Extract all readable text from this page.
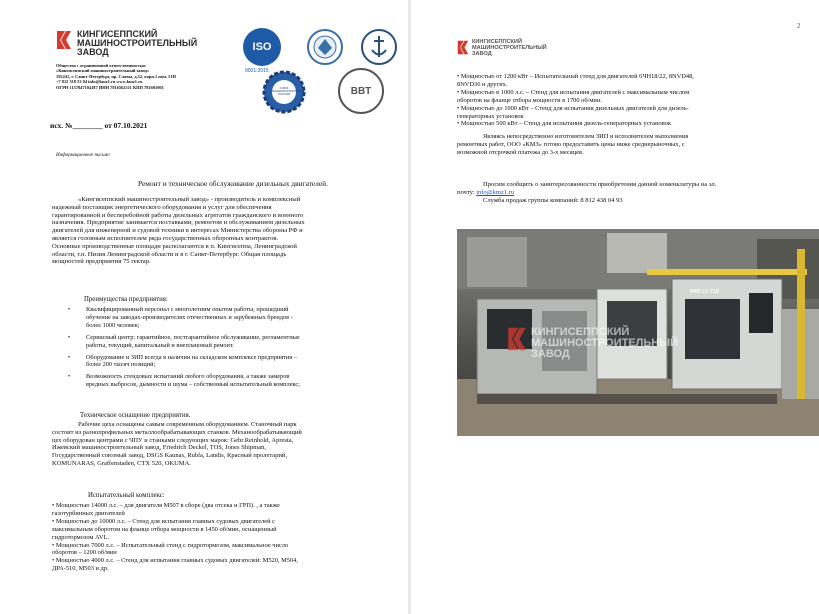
КИНГИСЕППСКИЙ
МАШИНОСТРОИТЕЛЬНЫЙ
ЗАВОД	ISO
9001:2015
СОЮЗ МАШИНОСТРОИТЕЛЕЙ РОССИИ	BBT
Общество с ограниченной ответственностью
«Кингисеппский машиностроительный завод»
192241, г. Санкт-Петербург, пр. Славы, д.52, корп.1 пом. 51Н
+7 812 318 53 04 info@kmz1.ru www.kmz1.ru
ОГРН 1137847104187 ИНН 7816562511 КПП 781601001
исх. №________ от 07.10.2021
Информационное письмо
Ремонт и техническое обслуживание дизельных двигателей.
«Кингисеппский машиностроительный завод» - производитель и комплексный
надежный поставщик энергетического оборудования и услуг для обеспечения
гарантированной и бесперебойной работы дизельных агрегатов гражданского и военного
назначения. Предприятие занимается поставками, ремонтом и обслуживанием дизельных
двигателей для инженерной и судовой техники в интересах Министерства обороны РФ и
является головным исполнителем ряда государственных оборонных контрактов.
Основные производственные площади располагаются в п. Кингисеппа, Ленинградской
области, г.п. Низия Ленинградской области и в г. Санкт-Петербург. Общая площадь
мощностей предприятия 75 гектар.
Преимущества предприятия:
•	Квалифицированный персонал с многолетним опытом работы, прошедший
обучение на заводах-производителях отечественных и зарубежных брендов -
более 1000 человек;
•	Сервисный центр: гарантийное, постгарантийное обслуживание, регламентные
работы, текущий, капитальный и внеплановый ремонт.
•	Оборудование и ЗИП всегда в наличии на складском комплексе предприятия –
более 200 тысяч позиций;
•	Возможность стендовых испытаний любого оборудования, а также замеров
вредных выбросов, дымности и шума – собственный испытательный комплекс;
Техническое оснащение предприятия.
Рабочие цеха оснащены самым современным оборудованием. Станочный парк
состоит из разнопрофильных металлообрабатывающих станков. Механообрабатывающий
цех оборудован центрами с ЧПУ и станками следующих марок: Gebr.Reinhold, Apresta,
Ижевский машиностроительный завод, Friedrich Deckel, TOS, Jones Shipman,
Государственный союзный завод, DSGS Kaunas, Rubla, Landis, Красный пролетарий,
KOMUNARAS, Graffenstaden, CTX 520, OKUMA.
Испытательный комплекс:
• Мощностью 14000 л.с. – для двигателя М507 в сборе (два отсека и ГРП). , а также
газотурбинных двигателей
• Мощностью до 10000 л.с. – Стенд для испытания главных судовых двигателей с
максимальным оборотом на фланце отбора мощности в 1450 об/мин, оснащенный
гидротормозом AVL.
• Мощностью 7000 л.с. – Испытательный стенд с гидротормозом, максимальное число
оборотов – 1200 об/мин
• Мощностью 4000 л.с. – Стенд для испытания главных судовых двигателей: М520, М504,
ДРА-510, М503 и др.
2
КИНГИСЕППСКИЙ
МАШИНОСТРОИТЕЛЬНЫЙ
ЗАВОД
• Мощностью от 1200 кВт – Испытательный стенд для двигателей 6ЧН18/22, 8NVD48,
8NVD36 и других.
• Мощностью в 1000 л.с. – Стенд для испытания двигателей с максимальным числом
оборотов на фланце отбора мощности в 1700 об/мин.
• Мощностью до 1000 кВт – Стенд для испытания дизельных двигателей для дизель-
генераторных установок
• Мощностью 500 кВт – Стенд для испытания дизель-генераторных установок
Являясь непосредственно изготовителем ЗИП и исполнителем выполнения
ремонтных работ, ООО «КМЗ» готово предоставить цены ниже среднерыночных, с
возможной отсрочкой платежа до 3-х месяцев.
Просим сообщить о заинтересованности приобретения данной номенклатуры на эл.
почту: info@kmz1.ru
Служба продаж группы компаний: 8 812 438 04 93
PRO LY C18
КИНГИСЕППСКИЙ
МАШИНОСТРОИТЕЛЬНЫЙ
ЗАВОД
